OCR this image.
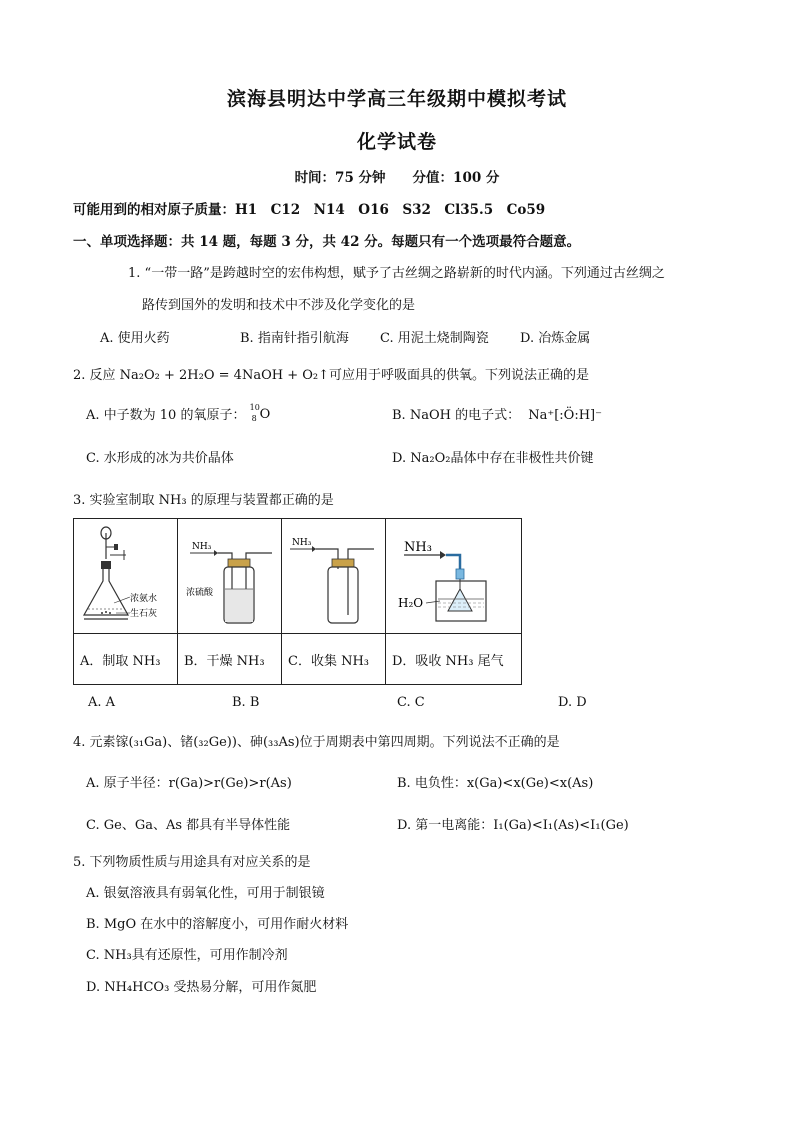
滨海县明达中学高三年级期中模拟考试
化学试卷
时间：75 分钟　　分值：100 分
可能用到的相对原子质量：H1　C12　N14　O16　S32　Cl35.5　Co59
一、单项选择题：共 14 题，每题 3 分，共 42 分。每题只有一个选项最符合题意。
1. “一带一路”是跨越时空的宏伟构想，赋予了古丝绸之路崭新的时代内涵。下列通过古丝绸之
路传到国外的发明和技术中不涉及化学变化的是
A. 使用火药	B. 指南针指引航海 C. 用泥土烧制陶瓷 D. 冶炼金属
2. 反应 Na₂O₂ + 2H₂O = 4NaOH + O₂↑可应用于呼吸面具的供氧。下列说法正确的是
A. 中子数为 10 的氧原子：
10
8 O	B. NaOH 的电子式： Na⁺[:Ö:H]⁻
C. 水形成的冰为共价晶体	D. Na₂O₂晶体中存在非极性共价键
3. 实验室制取 NH₃ 的原理与装置都正确的是
浓氨水
生石灰	NH₃
浓硫酸	NH₃	NH₃
H₂O

A．制取 NH₃	B．干燥 NH₃	C．收集 NH₃	D．吸收 NH₃ 尾气
A. A	B. B	C. C	D. D
4. 元素镓(₃₁Ga)、锗(₃₂Ge))、砷(₃₃As)位于周期表中第四周期。下列说法不正确的是
A. 原子半径：r(Ga)>r(Ge)>r(As)	B. 电负性：x(Ga)<x(Ge)<x(As)
C. Ge、Ga、As 都具有半导体性能	D. 第一电离能：I₁(Ga)<I₁(As)<I₁(Ge)
5. 下列物质性质与用途具有对应关系的是
A. 银氨溶液具有弱氧化性，可用于制银镜
B. MgO 在水中的溶解度小，可用作耐火材料
C. NH₃具有还原性，可用作制冷剂
D. NH₄HCO₃ 受热易分解，可用作氮肥
